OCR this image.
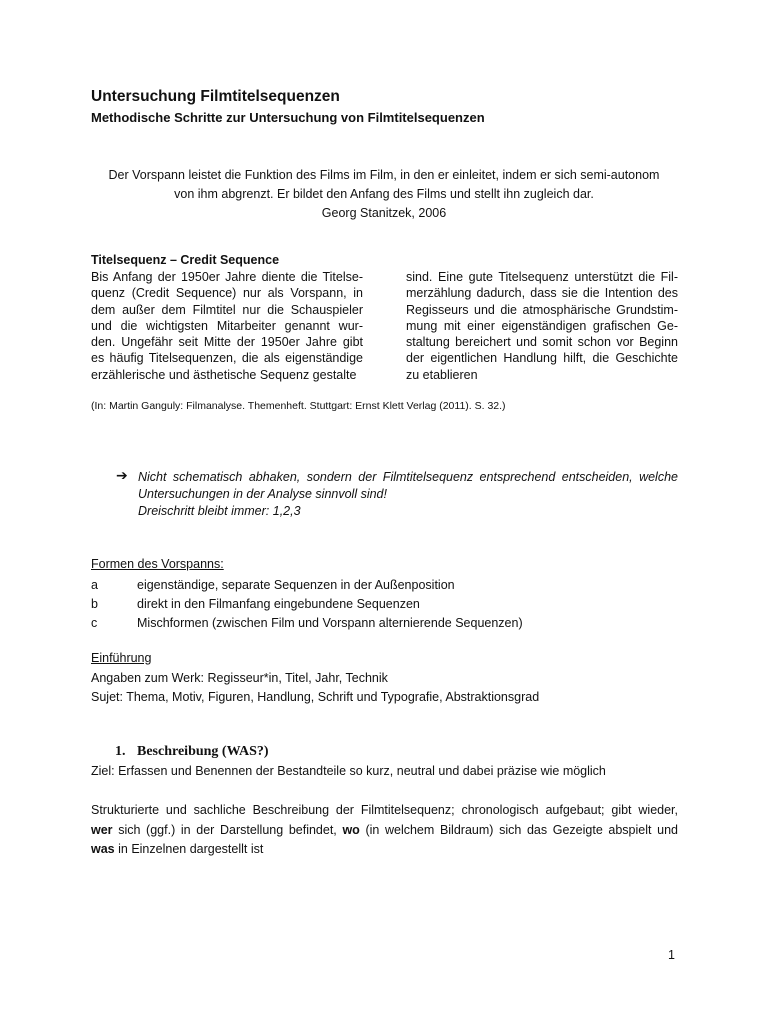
Untersuchung Filmtitelsequenzen
Methodische Schritte zur Untersuchung von Filmtitelsequenzen
Der Vorspann leistet die Funktion des Films im Film, in den er einleitet, indem er sich semi-autonom
von ihm abgrenzt. Er bildet den Anfang des Films und stellt ihn zugleich dar.
Georg Stanitzek, 2006
Titelsequenz – Credit Sequence
Bis Anfang der 1950er Jahre diente die Titelse-
quenz (Credit Sequence) nur als Vorspann, in
dem außer dem Filmtitel nur die Schauspieler
und die wichtigsten Mitarbeiter genannt wur-
den. Ungefähr seit Mitte der 1950er Jahre gibt
es häufig Titelsequenzen, die als eigenständige
erzählerische und ästhetische Sequenz gestalte
sind. Eine gute Titelsequenz unterstützt die Fil-
merzählung dadurch, dass sie die Intention des
Regisseurs und die atmosphärische Grundstim-
mung mit einer eigenständigen grafischen Ge-
staltung bereichert und somit schon vor Beginn
der eigentlichen Handlung hilft, die Geschichte
zu etablieren
(In: Martin Ganguly: Filmanalyse. Themenheft. Stuttgart: Ernst Klett Verlag (2011). S. 32.)
➔ Nicht schematisch abhaken, sondern der Filmtitelsequenz entsprechend entscheiden, welche
Untersuchungen in der Analyse sinnvoll sind!
Dreischritt bleibt immer: 1,2,3
Formen des Vorspanns:
a	eigenständige, separate Sequenzen in der Außenposition
b	direkt in den Filmanfang eingebundene Sequenzen
c	Mischformen (zwischen Film und Vorspann alternierende Sequenzen)
Einführung
Angaben zum Werk: Regisseur*in, Titel, Jahr, Technik
Sujet: Thema, Motiv, Figuren, Handlung, Schrift und Typografie, Abstraktionsgrad
1. Beschreibung (WAS?)
Ziel: Erfassen und Benennen der Bestandteile so kurz, neutral und dabei präzise wie möglich
Strukturierte und sachliche Beschreibung der Filmtitelsequenz; chronologisch aufgebaut; gibt wieder,
wer sich (ggf.) in der Darstellung befindet, wo (in welchem Bildraum) sich das Gezeigte abspielt und
was in Einzelnen dargestellt ist
1
